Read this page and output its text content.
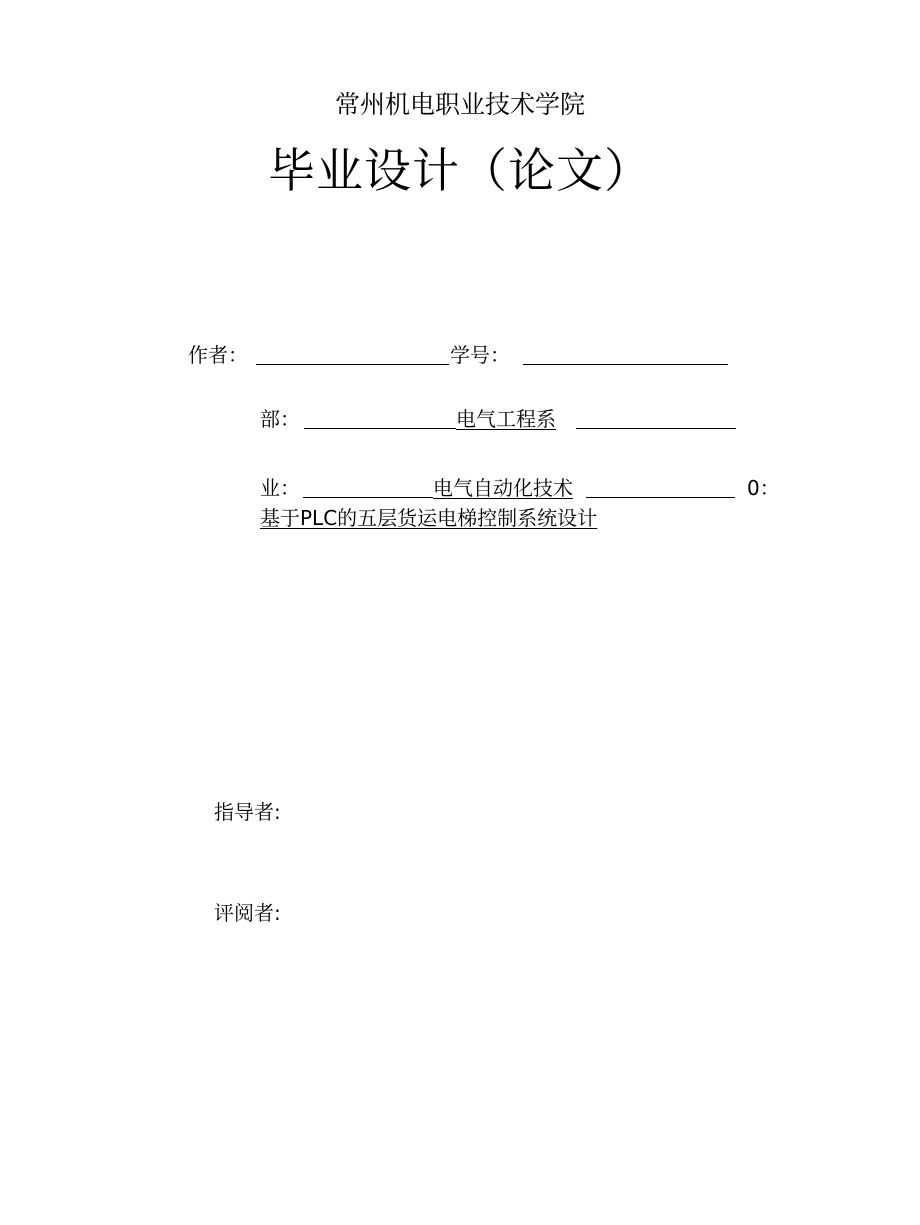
常州机电职业技术学院
毕业设计（论文）
作者：	学号：
部：	电气工程系
业：	电气自动化技术	0：
基于PLC的五层货运电梯控制系统设计
指导者:
评阅者:
